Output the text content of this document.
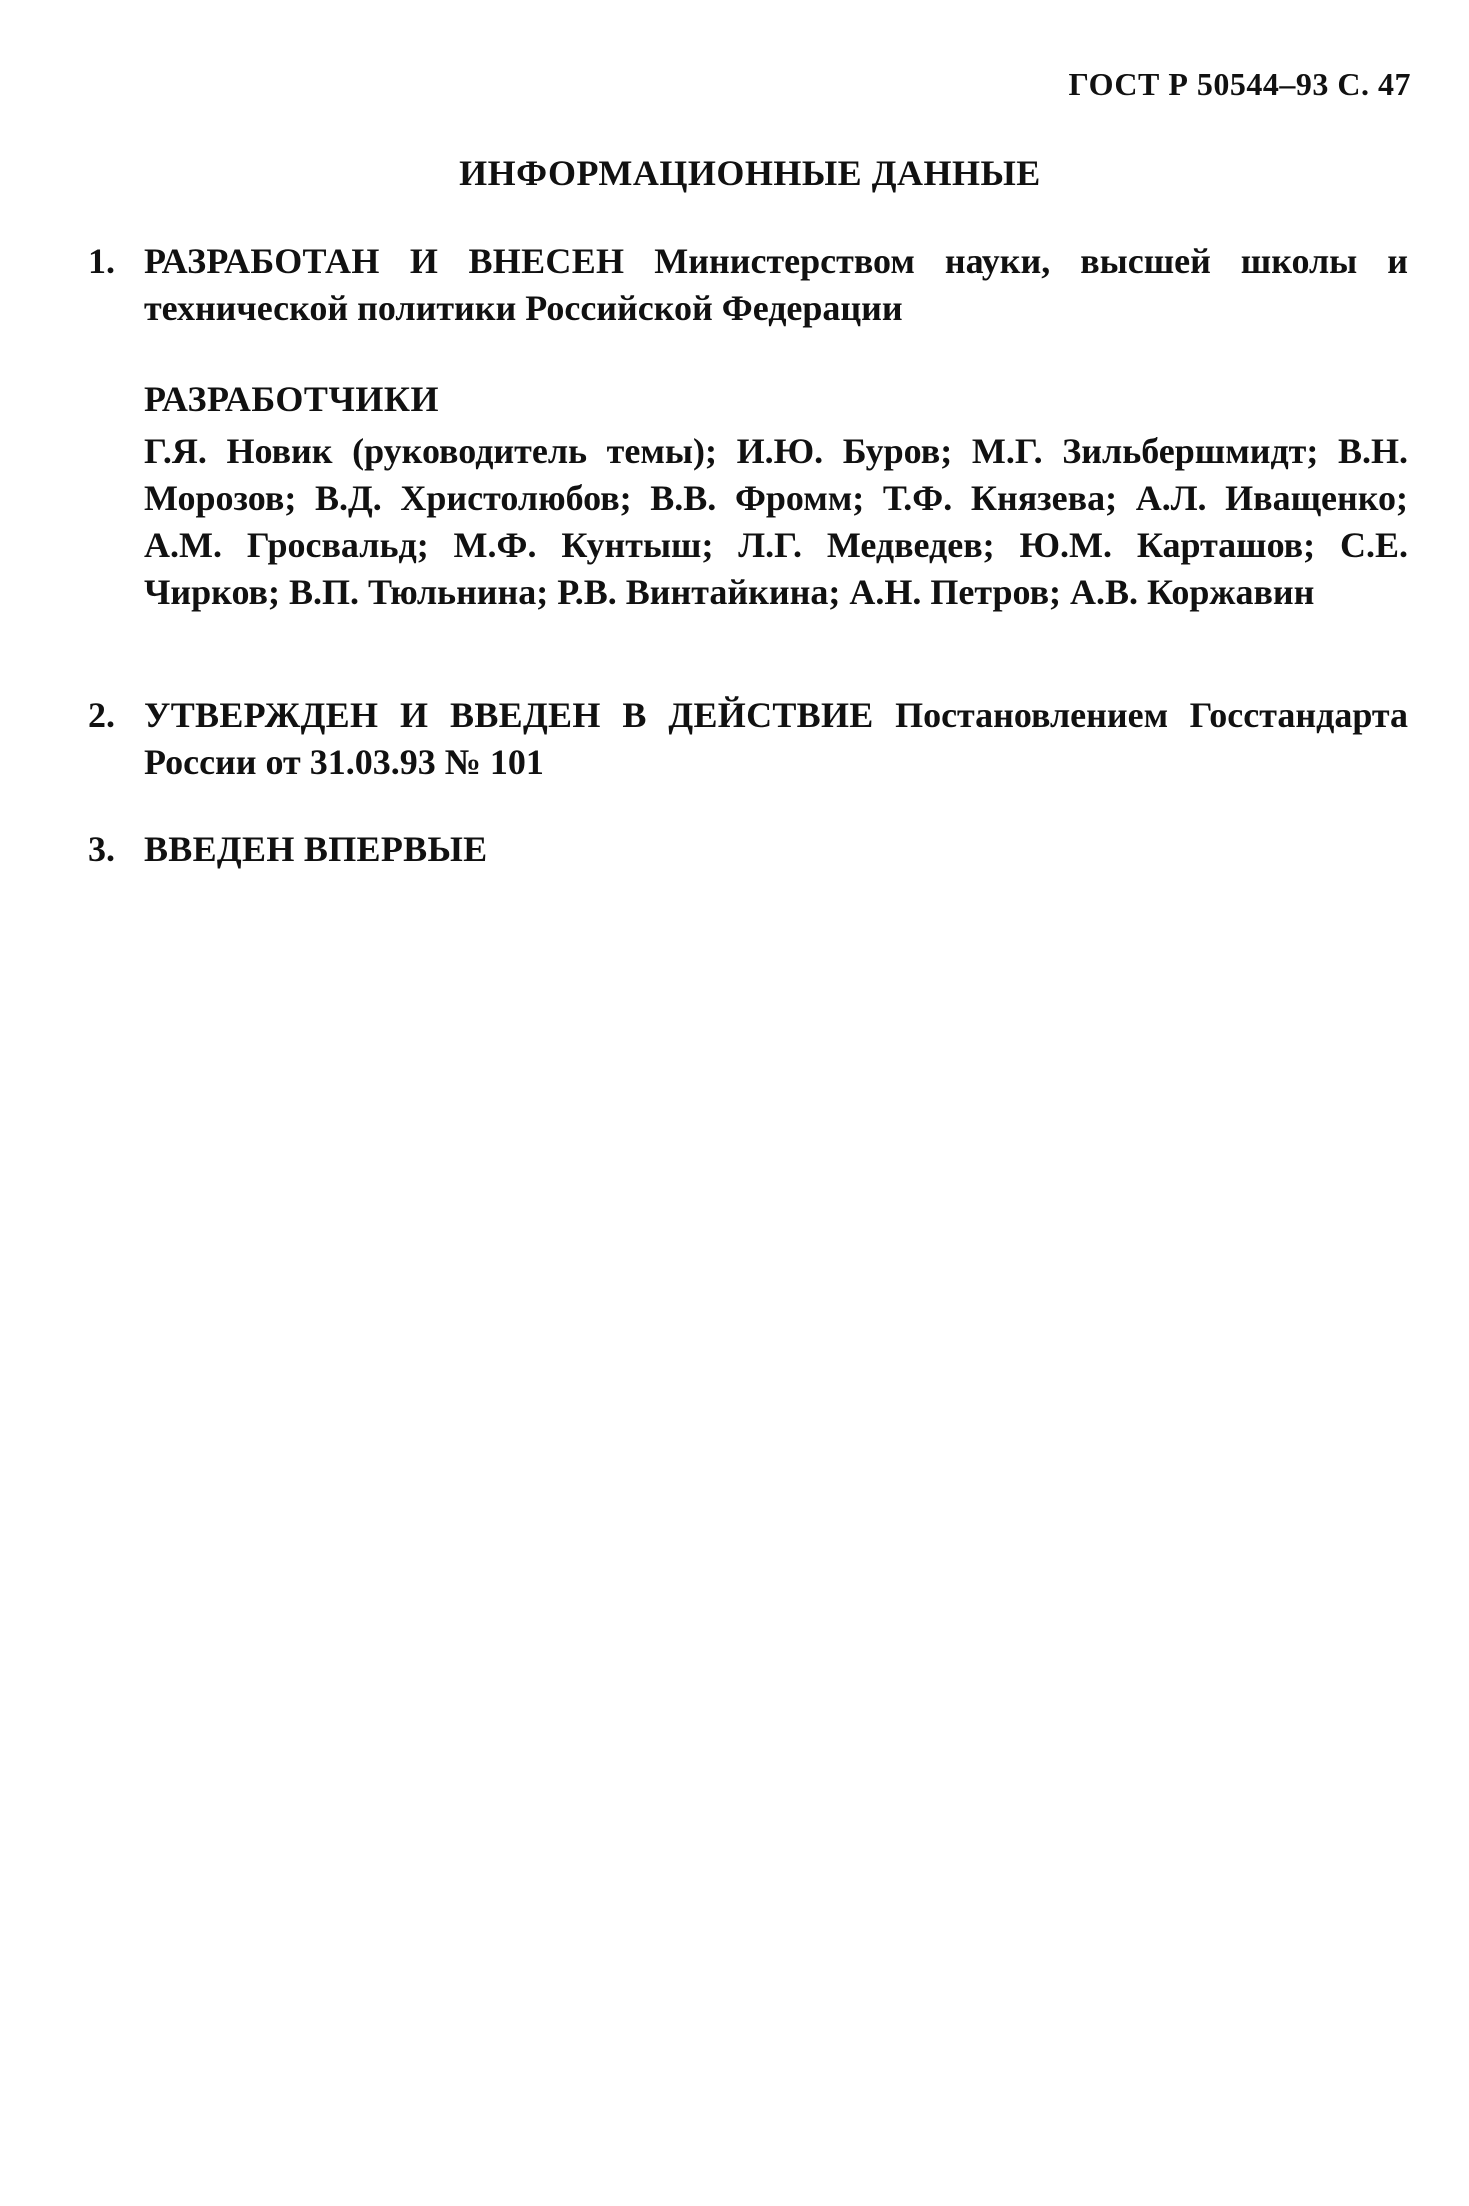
ГОСТ Р 50544–93 С. 47
ИНФОРМАЦИОННЫЕ ДАННЫЕ
1. РАЗРАБОТАН И ВНЕСЕН Министерством науки, высшей школы и технической политики Российской Федерации
РАЗРАБОТЧИКИ
Г.Я. Новик (руководитель темы); И.Ю. Буров; М.Г. Зильбершмидт; В.Н. Морозов; В.Д. Христолюбов; В.В. Фромм; Т.Ф. Князева; А.Л. Иващенко; А.М. Гросвальд; М.Ф. Кунтыш; Л.Г. Медведев; Ю.М. Карташов; С.Е. Чирков; В.П. Тюльнина; Р.В. Винтайкина; А.Н. Петров; А.В. Коржавин
2. УТВЕРЖДЕН И ВВЕДЕН В ДЕЙСТВИЕ Постановлением Госстандарта России от 31.03.93 № 101
3. ВВЕДЕН ВПЕРВЫЕ
